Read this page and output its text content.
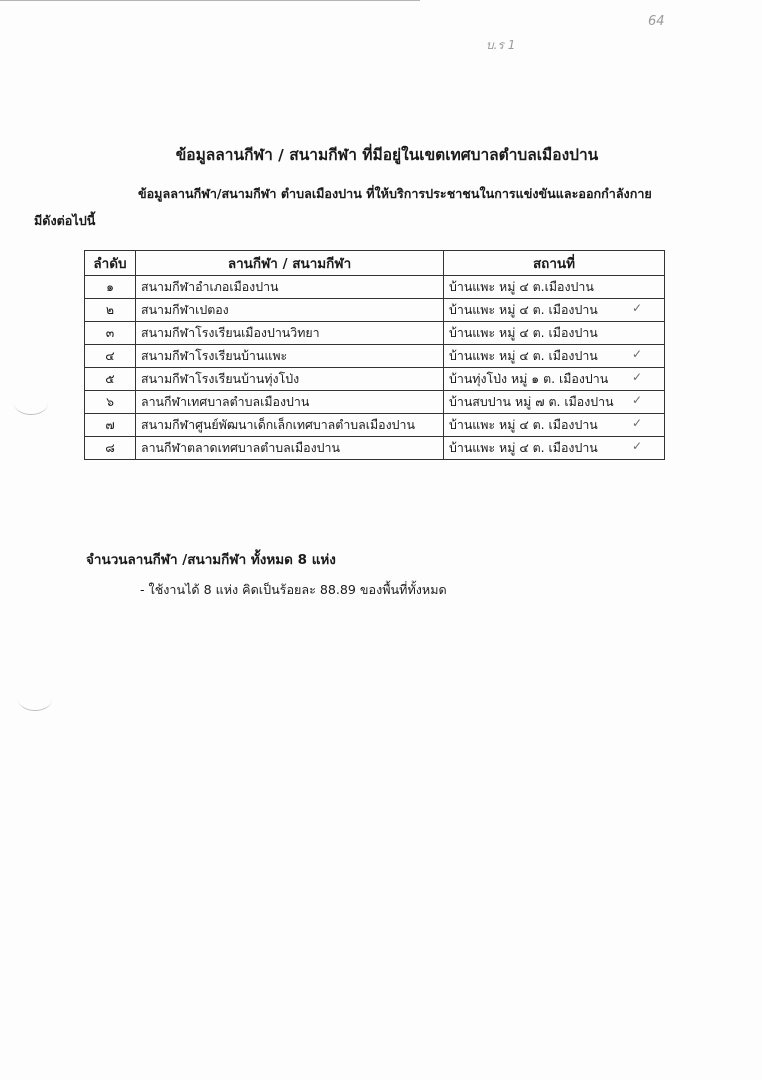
64
บ.ร 1
ข้อมูลลานกีฬา / สนามกีฬา ที่มีอยู่ในเขตเทศบาลตำบลเมืองปาน
ข้อมูลลานกีฬา/สนามกีฬา ตำบลเมืองปาน ที่ให้บริการประชาชนในการแข่งขันและออกกำลังกาย
มีดังต่อไปนี้
ลำดับ	ลานกีฬา / สนามกีฬา	สถานที่
๑	สนามกีฬาอำเภอเมืองปาน	บ้านแพะ หมู่ ๔ ต.เมืองปาน

๒	สนามกีฬาเปตอง	บ้านแพะ หมู่ ๔ ต. เมืองปาน ✓

๓	สนามกีฬาโรงเรียนเมืองปานวิทยา	บ้านแพะ หมู่ ๔ ต. เมืองปาน

๔	สนามกีฬาโรงเรียนบ้านแพะ	บ้านแพะ หมู่ ๔ ต. เมืองปาน ✓

๕	สนามกีฬาโรงเรียนบ้านทุ่งโป่ง	บ้านทุ่งโป่ง หมู่ ๑ ต. เมืองปาน ✓

๖	ลานกีฬาเทศบาลตำบลเมืองปาน	บ้านสบปาน หมู่ ๗ ต. เมืองปาน ✓

๗	สนามกีฬาศูนย์พัฒนาเด็กเล็กเทศบาลตำบลเมืองปาน	บ้านแพะ หมู่ ๔ ต. เมืองปาน ✓

๘	ลานกีฬาตลาดเทศบาลตำบลเมืองปาน	บ้านแพะ หมู่ ๔ ต. เมืองปาน ✓
จำนวนลานกีฬา /สนามกีฬา ทั้งหมด 8 แห่ง
- ใช้งานได้ 8 แห่ง คิดเป็นร้อยละ 88.89 ของพื้นที่ทั้งหมด
